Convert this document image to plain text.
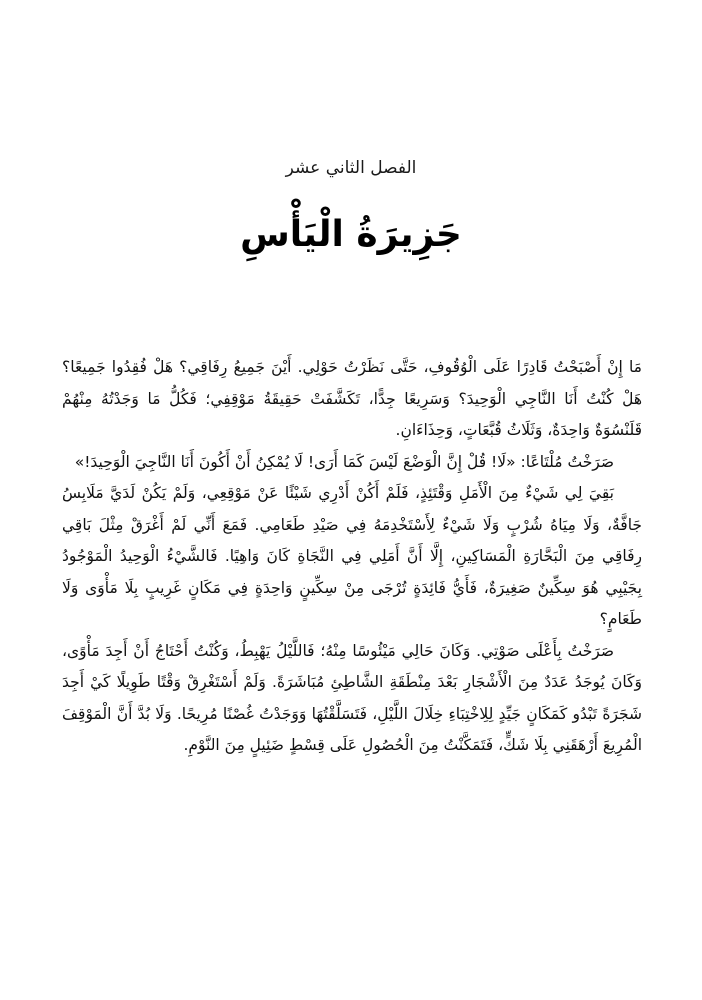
الفصل الثاني عشر
جَزِيرَةُ الْيَأْسِ

مَا إِنْ أَصْبَحْتُ قَادِرًا عَلَى الْوُقُوفِ، حَتَّى نَظَرْتُ حَوْلِي. أَيْنَ جَمِيعُ رِفَاقِي؟ هَلْ فُقِدُوا جَمِيعًا؟ هَلْ كُنْتُ أَنَا النَّاجِي الْوَحِيدَ؟ وَسَرِيعًا جِدًّا، تَكَشَّفَتْ حَقِيقَةُ مَوْقِفِي؛ فَكُلُّ مَا وَجَدْتُهُ مِنْهُمْ قَلَنْسُوَةٌ وَاحِدَةٌ، وَثَلَاثُ قُبَّعَاتٍ، وَحِذَاءَانِ.

صَرَخْتُ مُلْتَاعًا: «لَا! قُلْ إِنَّ الْوَضْعَ لَيْسَ كَمَا أَرَى! لَا يُمْكِنُ أَنْ أَكُونَ أَنَا النَّاجِيَ الْوَحِيدَ!»

بَقِيَ لِي شَيْءٌ مِنَ الْأَمَلِ وَقْتَئِذٍ، فَلَمْ أَكُنْ أَدْرِي شَيْئًا عَنْ مَوْقِعِي، وَلَمْ يَكُنْ لَدَيَّ مَلَابِسُ جَافَّةٌ، وَلَا مِيَاهُ شُرْبٍ وَلَا شَيْءٌ لِأَسْتَخْدِمَهُ فِي صَيْدِ طَعَامِي. فَمَعَ أَنِّي لَمْ أَغْرَقْ مِثْلَ بَاقِي رِفَاقِي مِنَ الْبَحَّارَةِ الْمَسَاكِينِ، إِلَّا أَنَّ أَمَلِي فِي النَّجَاةِ كَانَ وَاهِيًا. فَالشَّيْءُ الْوَحِيدُ الْمَوْجُودُ بِجَيْبِي هُوَ سِكِّينٌ صَغِيرَةٌ، فَأَيُّ فَائِدَةٍ تُرْجَى مِنْ سِكِّينٍ وَاحِدَةٍ فِي مَكَانٍ غَرِيبٍ بِلَا مَأْوَى وَلَا طَعَامٍ؟

صَرَخْتُ بِأَعْلَى صَوْتِي. وَكَانَ حَالِي مَيْئُوسًا مِنْهُ؛ فَاللَّيْلُ يَهْبِطُ، وَكُنْتُ أَحْتَاجُ أَنْ أَجِدَ مَأْوًى، وَكَانَ يُوجَدُ عَدَدٌ مِنَ الْأَشْجَارِ بَعْدَ مِنْطَقَةِ الشَّاطِئِ مُبَاشَرَةً. وَلَمْ أَسْتَغْرِقْ وَقْتًا طَوِيلًا كَيْ أَجِدَ شَجَرَةً تَبْدُو كَمَكَانٍ جَيِّدٍ لِلِاخْتِبَاءِ خِلَالَ اللَّيْلِ، فَتَسَلَّقْتُهَا وَوَجَدْتُ غُصْنًا مُرِيحًا. وَلَا بُدَّ أَنَّ الْمَوْقِفَ الْمُرِيعَ أَرْهَقَنِي بِلَا شَكٍّ، فَتَمَكَّنْتُ مِنَ الْحُصُولِ عَلَى قِسْطٍ ضَئِيلٍ مِنَ النَّوْمِ.
